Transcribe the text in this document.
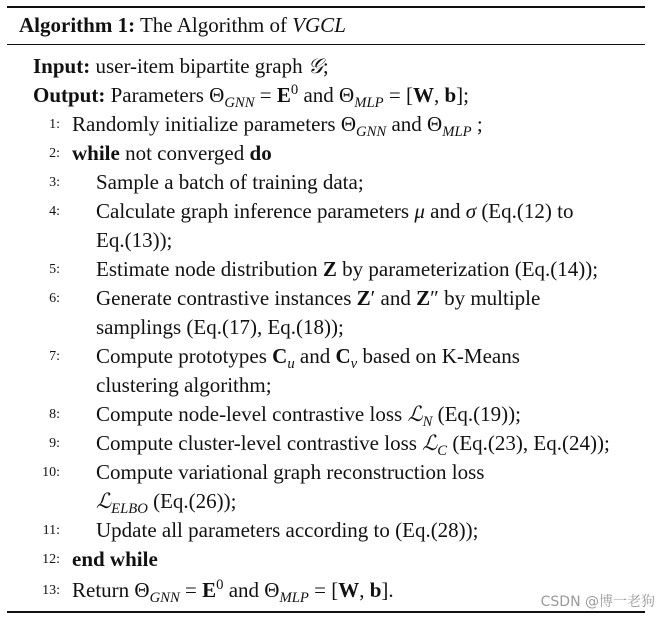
Algorithm 1: The Algorithm of VGCL
Input: user-item bipartite graph 𝒢;
Output: Parameters $\Theta_{GNN} = E^0$ and $\Theta_{MLP} = [W$, b];
1: Randomly initialize parameters $\Theta_{GNN}$ and $\Theta_{MLP}$ ;
2: while not converged do
3: Sample a batch of training data;
4: Calculate graph inference parameters μ and σ (Eq.(12) to
Eq.(13));
5: Estimate node distribution Z by parameterization (Eq.(14));
6: Generate contrastive instances Z′ and Z″ by multiple
samplings (Eq.(17), Eq.(18));
7: Compute prototypes $C_u$ and $C_v$ based on K-Means
clustering algorithm;
8: Compute node-level contrastive loss ℒ$_N$ (Eq.(19));
9: Compute cluster-level contrastive loss ℒ$_C$ (Eq.(23), Eq.(24));
10: Compute variational graph reconstruction loss
ℒ$_{ELBO}$ (Eq.(26));
11: Update all parameters according to (Eq.(28));
12: end while
13: Return $\Theta_{GNN} = E^0$ and $\Theta_{MLP} = [W$, b].	CSDN @博一老狗
